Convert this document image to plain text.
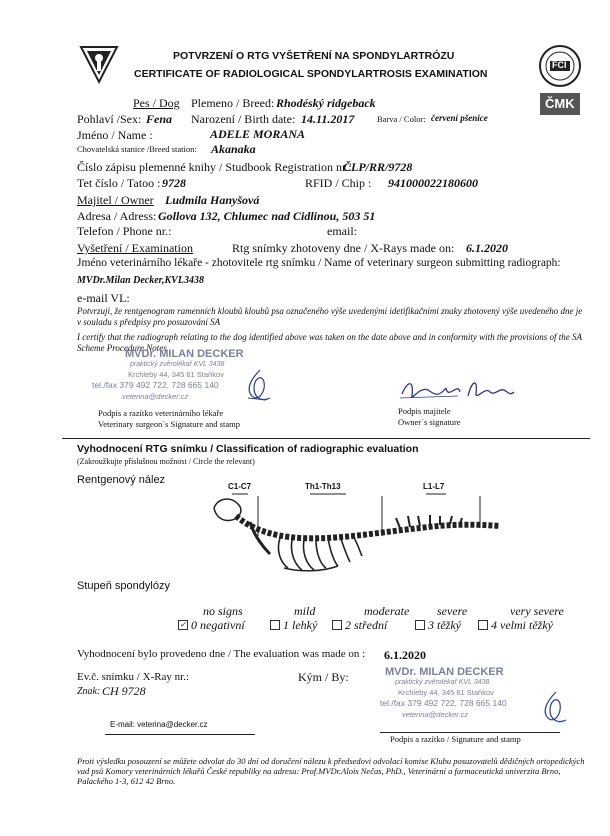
FCI
ČMK
POTVRZENÍ O RTG VYŠETŘENÍ NA SPONDYLARTRÓZU
CERTIFICATE OF RADIOLOGICAL SPONDYLARTROSIS EXAMINATION
Pes / Dog Plemeno / Breed: Rhodéský ridgeback
Pohlaví /Sex: Fena Narození / Birth date: 14.11.2017	Barva / Color: červení pšenice
Jméno / Name :	ADELE MORANA
Chovatelská stanice /Breed station: Akanaka
Číslo zápisu plemenné knihy / Studbook Registration nr.:
ČLP/RR/9728
Tet číslo / Tatoo : 9728	RFID / Chip : 941000022180600
Majitel / Owner Ludmila Hanyšová
Adresa / Adress: Gollova 132, Chlumec nad Cidlinou, 503 51
Telefon / Phone nr.:	email:
Vyšetření / Examination	Rtg snímky zhotoveny dne / X-Rays made on: 6.1.2020
Jméno veterinárního lékaře - zhotovitele rtg snímku / Name of veterinary surgeon submitting radiograph:
MVDr.Milan Decker,KVL3438
e-mail VL:
Potvrzuji, že rentgenogram ramenních kloubů kloubů psa označeného výše uvedenými idetifikačními znaky zhotovený výše uvedeného dne je v souladu s předpisy pro posuzování SA
I certify that the radiograph relating to the dog identified above was taken on the date above and in conformity with the provisions of the SA Scheme Procedure Notes
MVDr. MILAN DECKER
praktický zvěrolékař KVL 3438
Krchleby 44, 345 61 Staňkov
tel./fax 379 492 722, 728 665 140
veterina@decker.cz
Podpis a razítko veterinárního lékaře
Veterinary surgeon´s Signature and stamp
Podpis majitele
Owner´s signature
Vyhodnocení RTG snímku / Classification of radiographic evaluation
(Zakroužkujte příslušnou možnost / Circle the relevant)
Rentgenový nález
C1-C7	Th1-Th13	L1-L7
Stupeň spondylózy
no signs
✓ 0 negativní
mild
1 lehký
moderate
2 střední
severe
3 těžký
very severe
4 velmi těžký
Vyhodnocení bylo provedeno dne / The evaluation was made on : 6.1.2020
Ev.č. snímku / X-Ray nr.:
Znak: CH 9728
Kým / By:	MVDr. MILAN DECKER
praktický zvěrolékař KVL 3438
Krchleby 44, 345 61 Staňkov
tel./fax 379 492 722, 728 665 140
veterina@decker.cz
E-mail: veterina@decker.cz
Podpis a razítko / Signature and stamp
Proti výsledku posouzení se můžete odvolat do 30 dní od doručení nálezu k předsedovi odvolací komise Klubu posuzovatelů dědičných ortopedických vad psů Komory veterinárních lékařů České republiky na adresu: Prof.MVDr.Alois Nečas, PhD., Veterinární a farmaceutická univerzita Brno, Palackého 1-3, 612 42 Brno.
